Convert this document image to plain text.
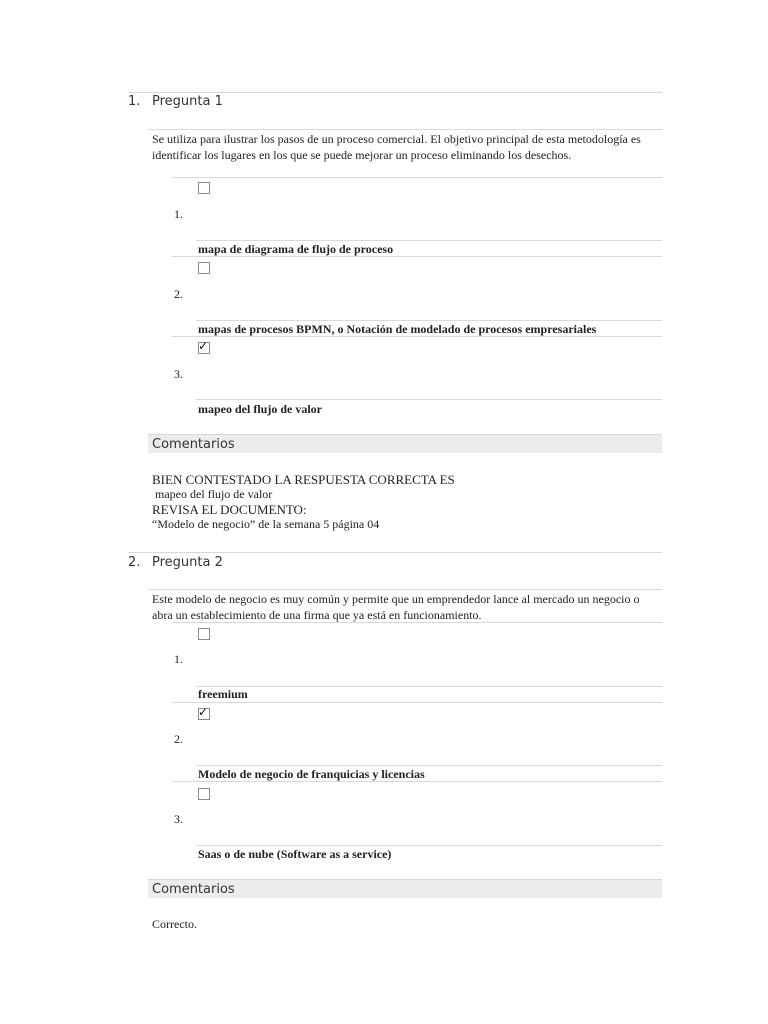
1. Pregunta 1
Se utiliza para ilustrar los pasos de un proceso comercial. El objetivo principal de esta metodología es identificar los lugares en los que se puede mejorar un proceso eliminando los desechos.
1.
mapa de diagrama de flujo de proceso
2.
mapas de procesos BPMN, o Notación de modelado de procesos empresariales
✓
3.
mapeo del flujo de valor
Comentarios
BIEN CONTESTADO LA RESPUESTA CORRECTA ES
mapeo del flujo de valor
REVISA EL DOCUMENTO:
“Modelo de negocio” de la semana 5 página 04
2. Pregunta 2
Este modelo de negocio es muy común y permite que un emprendedor lance al mercado un negocio o abra un establecimiento de una firma que ya está en funcionamiento.
1.
freemium
✓
2.
Modelo de negocio de franquicias y licencias
3.
Saas o de nube (Software as a service)
Comentarios
Correcto.
